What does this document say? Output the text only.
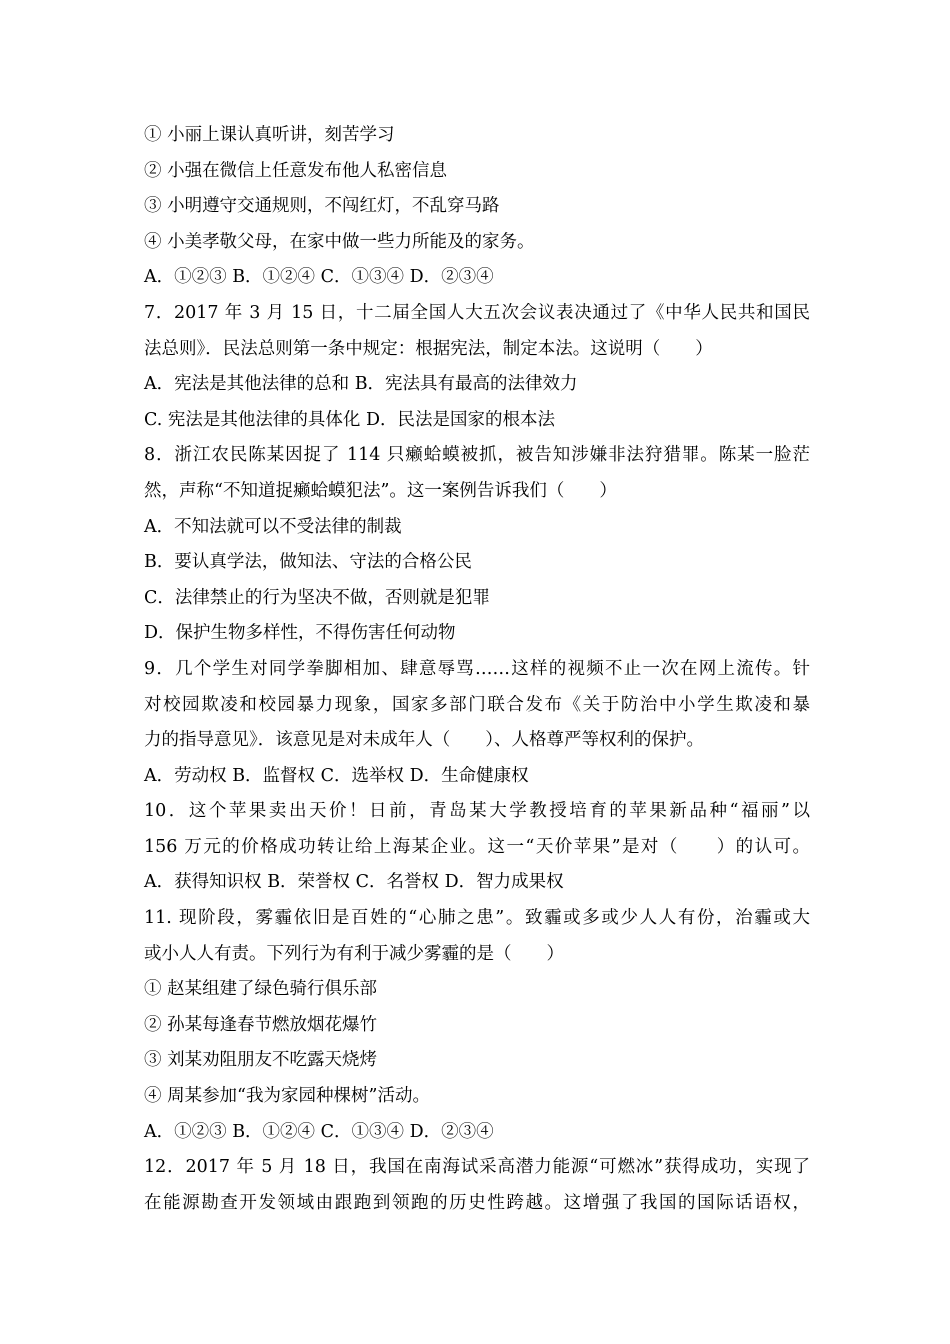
① 小丽上课认真听讲，刻苦学习
② 小强在微信上任意发布他人私密信息
③ 小明遵守交通规则，不闯红灯，不乱穿马路
④ 小美孝敬父母，在家中做一些力所能及的家务。
A．①②③ B．①②④ C．①③④ D．②③④
7．2017 年 3 月 15 日，十二届全国人大五次会议表决通过了《中华人民共和国民
法总则》．民法总则第一条中规定：根据宪法，制定本法。这说明（　　）
A．宪法是其他法律的总和 B．宪法具有最高的法律效力
C. 宪法是其他法律的具体化 D．民法是国家的根本法
8．浙江农民陈某因捉了 114 只癞蛤蟆被抓，被告知涉嫌非法狩猎罪。陈某一脸茫
然，声称“不知道捉癞蛤蟆犯法”。这一案例告诉我们（　　）
A．不知法就可以不受法律的制裁
B．要认真学法，做知法、守法的合格公民
C．法律禁止的行为坚决不做，否则就是犯罪
D．保护生物多样性，不得伤害任何动物
9．几个学生对同学拳脚相加、肆意辱骂……这样的视频不止一次在网上流传。针
对校园欺凌和校园暴力现象，国家多部门联合发布《关于防治中小学生欺凌和暴
力的指导意见》．该意见是对未成年人（　　）、人格尊严等权利的保护。
A．劳动权 B．监督权 C．选举权 D．生命健康权
10．这个苹果卖出天价！日前，青岛某大学教授培育的苹果新品种“福丽”以
156 万元的价格成功转让给上海某企业。这一“天价苹果”是对（　　）的认可。
A．获得知识权 B．荣誉权 C．名誉权 D．智力成果权
11. 现阶段，雾霾依旧是百姓的“心肺之患”。致霾或多或少人人有份，治霾或大
或小人人有责。下列行为有利于减少雾霾的是（　　）
① 赵某组建了绿色骑行俱乐部
② 孙某每逢春节燃放烟花爆竹
③ 刘某劝阻朋友不吃露天烧烤
④ 周某参加“我为家园种棵树”活动。
A．①②③ B．①②④ C．①③④ D．②③④
12．2017 年 5 月 18 日，我国在南海试采高潜力能源“可燃冰”获得成功，实现了
在能源勘查开发领域由跟跑到领跑的历史性跨越。这增强了我国的国际话语权，
